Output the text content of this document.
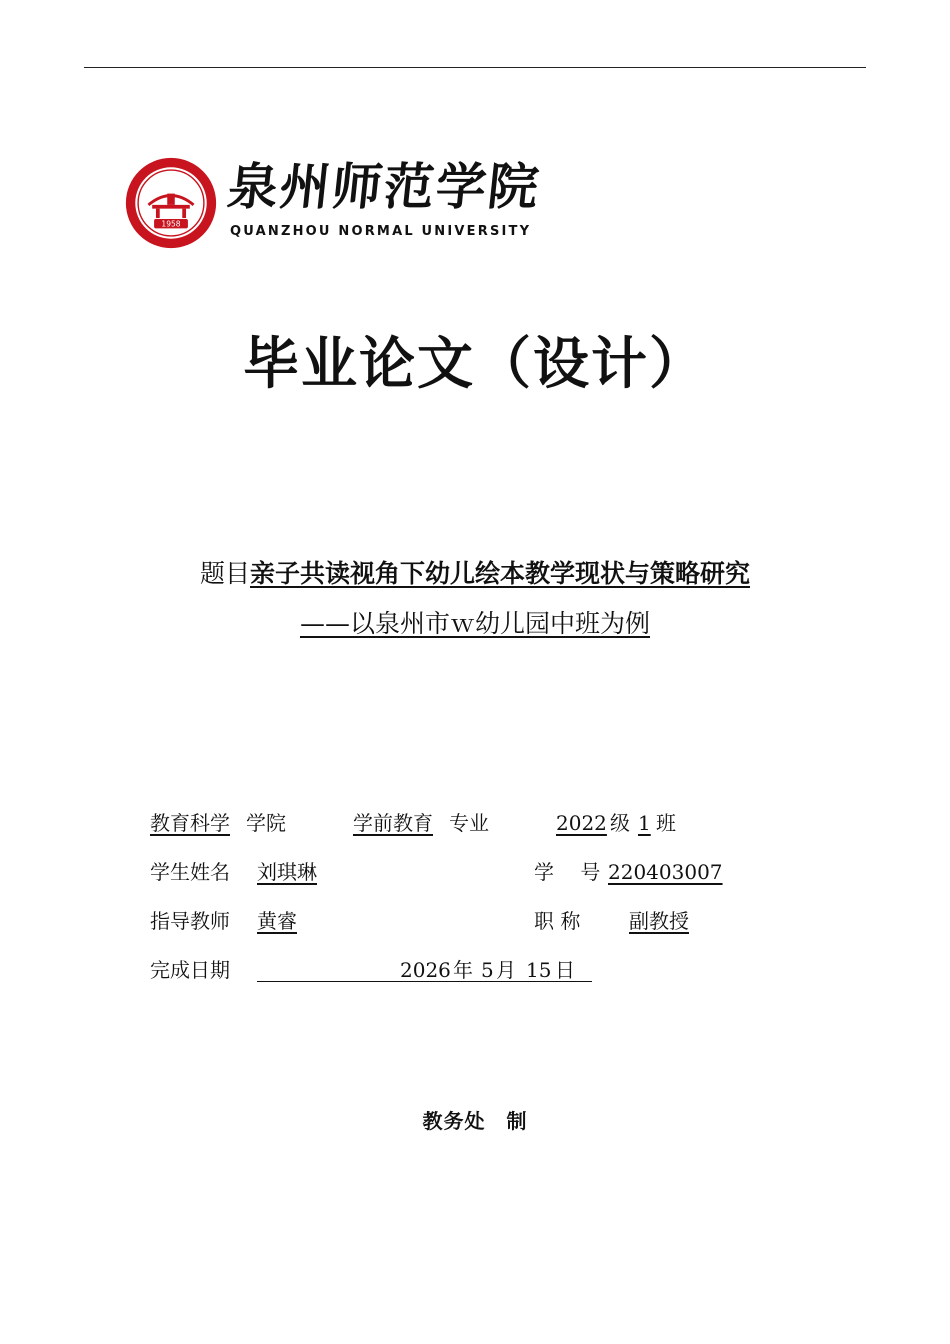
1958
泉州师范学院
QUANZHOU NORMAL UNIVERSITY
毕业论文（设计）
题目亲子共读视角下幼儿绘本教学现状与策略研究
——以泉州市ｗ幼儿园中班为例
教育科学 学院	学前教育 专业	2022 级 1 班
学生姓名 刘琪琳	学　 号 220403007
指导教师 黄睿	职 称	副教授
完成日期	2026 年 5 月 15 日
教务处　制
